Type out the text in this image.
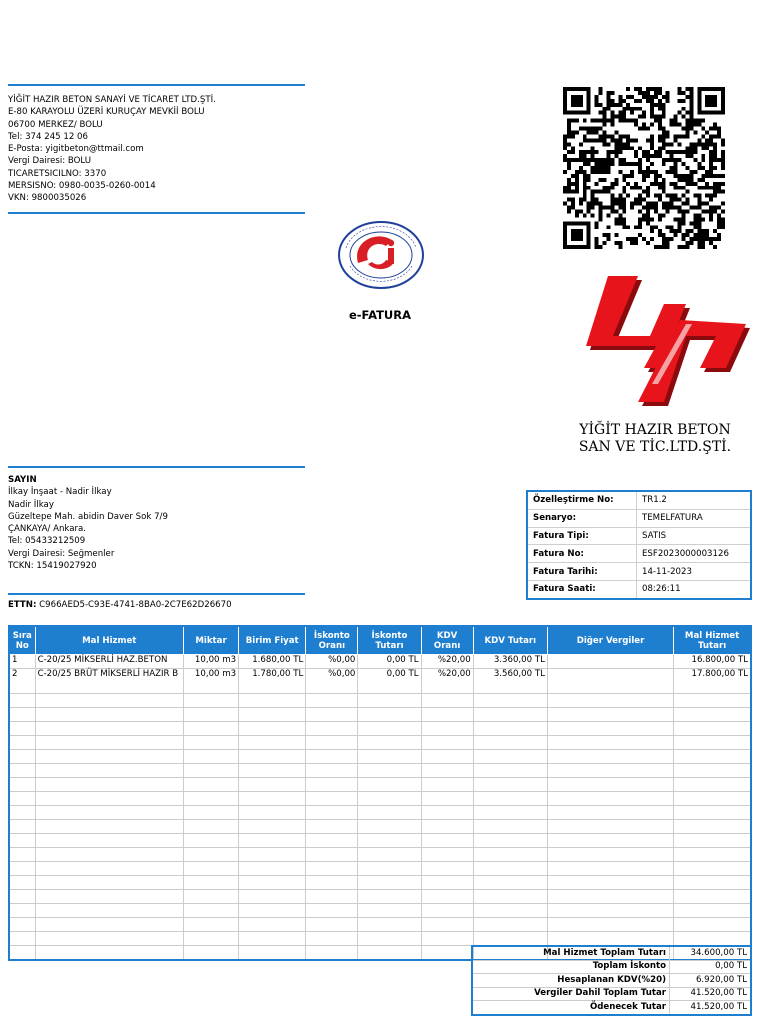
YİĞİT HAZIR BETON SANAYİ VE TİCARET LTD.ŞTİ.
E-80 KARAYOLU ÜZERİ KURUÇAY MEVKİİ BOLU
06700 MERKEZ/ BOLU
Tel: 374 245 12 06
E-Posta: yigitbeton@ttmail.com
Vergi Dairesi: BOLU
TICARETSICILNO: 3370
MERSISNO: 0980-0035-0260-0014
VKN: 9800035026
e-FATURA
YİĞİT HAZIR BETON
SAN VE TİC.LTD.ŞTİ.
SAYIN
İlkay İnşaat - Nadir İlkay
Nadir İlkay
Güzeltepe Mah. abidin Daver Sok 7/9
ÇANKAYA/ Ankara.
Tel: 05433212509
Vergi Dairesi: Seğmenler
TCKN: 15419027920
ETTN: C966AED5-C93E-4741-8BA0-2C7E62D26670
Özelleştirme No:	TR1.2
Senaryo:	TEMELFATURA
Fatura Tipi:	SATIS
Fatura No:	ESF2023000003126
Fatura Tarihi:	14-11-2023
Fatura Saati:	08:26:11
Sıra No	Mal Hizmet	Miktar	Birim Fiyat	İskonto Oranı	İskonto Tutarı	KDV Oranı	KDV Tutarı	Diğer Vergiler	Mal Hizmet Tutarı
1	C-20/25 MİKSERLİ HAZ.BETON	10,00 m3	1.680,00 TL	%0,00	0,00 TL	%20,00	3.360,00 TL		16.800,00 TL
2	C-20/25 BRÜT MİKSERLİ HAZIR B	10,00 m3	1.780,00 TL	%0,00	0,00 TL	%20,00	3.560,00 TL		17.800,00 TL

Mal Hizmet Toplam Tutarı	34.600,00 TL
Toplam İskonto	0,00 TL
Hesaplanan KDV(%20)	6.920,00 TL
Vergiler Dahil Toplam Tutar	41.520,00 TL
Ödenecek Tutar	41.520,00 TL
